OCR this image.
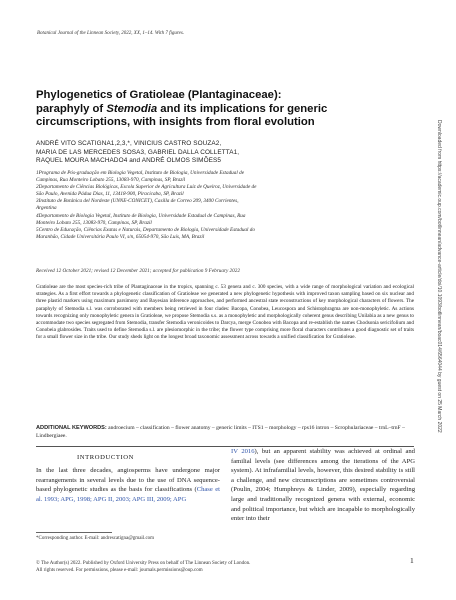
Botanical Journal of the Linnean Society, 2022, XX, 1–14. With 7 figures.
Phylogenetics of Gratioleae (Plantaginaceae):
paraphyly of Stemodia and its implications for generic
circumscriptions, with insights from floral evolution

ANDRÉ VITO SCATIGNA1,2,3,*, VINICIUS CASTRO SOUZA2,

MARIA DE LAS MERCEDES SOSA3, GABRIEL DALLA COLLETTA1,

RAQUEL MOURA MACHADO4 and ANDRÉ OLMOS SIMÕES5

1Programa de Pós-graduação em Biologia Vegetal, Instituto de Biologia, Universidade Estadual de

Campinas, Rua Monteiro Lobato 255, 13083-970, Campinas, SP, Brazil

2Departamento de Ciências Biológicas, Escola Superior de Agricultura Luiz de Queiroz, Universidade de

São Paulo, Avenida Pádua Dias, 11, 13418-900, Piracicaba, SP, Brazil

3Instituto de Botánica del Nordeste (UNNE-CONICET), Casilla de Correo 209, 3400 Corrientes,

Argentina

4Departamento de Biologia Vegetal, Instituto de Biologia, Universidade Estadual de Campinas, Rua

Monteiro Lobato 255, 13083-970, Campinas, SP, Brazil

5Centro de Educação, Ciências Exatas e Naturais, Departamento de Biologia, Universidade Estadual do

Maranhão, Cidade Universitária Paulo VI, s/n, 65054-970, São Luís, MA, Brazil

Received 12 October 2021; revised 12 December 2021; accepted for publication 9 February 2022
Gratioleae are the most species-rich tribe of Plantaginaceae in the tropics, spanning c. 53 genera and c. 300 species, with a wide range of morphological variation and ecological strategies. As a first effort towards a phylogenetic classification of Gratioleae we generated a new phylogenetic hypothesis with improved taxon sampling based on six nuclear and three plastid markers using maximum parsimony and Bayesian inference approaches, and performed ancestral state reconstructions of key morphological characters of flowers. The paraphyly of Stemodia s.l. was corroborated with members being retrieved in four clades: Bacopa, Conobea, Leucospora and Schistophragma are non-monophyletic. As actions towards recognizing only monophyletic genera in Gratioleae, we propose Stemodia s.s. as a monophyletic and morphologically coherent genus describing Unilabia as a new genus to accommodate two species segregated from Stemodia, transfer Stemodia veronicoides to Darcya, merge Conobea with Bacopa and re-establish the names Chodsonia sericifolium and Conobeia glabrosides. Traits used to define Stemodia s.l. are plesiomorphic in the tribe; the flower type comprising more floral characters contributes a good diagnostic set of traits for a small flower size in the tribe. Our study sheds light on the longest broad taxonomic assessment across towards a unified classification for Gratioleae.
ADDITIONAL KEYWORDS: androecium – classification – flower anatomy – generic limits – ITS1 – morphology – rps16 intron – Scrophulariaceae – trnL–trnF – Lindbergiaee.
INTRODUCTION
In the last three decades, angiosperms have undergone major rearrangements in several levels due to the use of DNA sequence-based phylogenetic studies as the basis for classifications (Chase et al. 1993; APG, 1998; APG II, 2003; APG III, 2009; APG
IV 2016), but an apparent stability was achieved at ordinal and familial levels (see differences among the iterations of the APG system). At infrafamilial levels, however, this desired stability is still a challenge, and new circumscriptions are sometimes controversial (Poulin, 2004; Humphreys & Linder, 2009), especially regarding large and traditionally recognized genera with external, economic and political importance, but which are incapable to morphologically enter into their
*Corresponding author. E-mail: andrescatigna@gmail.com
© The Author(s) 2022. Published by Oxford University Press on behalf of The Linnean Society of London.
All rights reserved. For permissions, please e-mail: journals.permissions@oup.com
1
Downloaded from https://academic.oup.com/botlinnean/advance-article/doi/10.1093/botlinnean/boac014/6564044 by guest on 25 March 2022
